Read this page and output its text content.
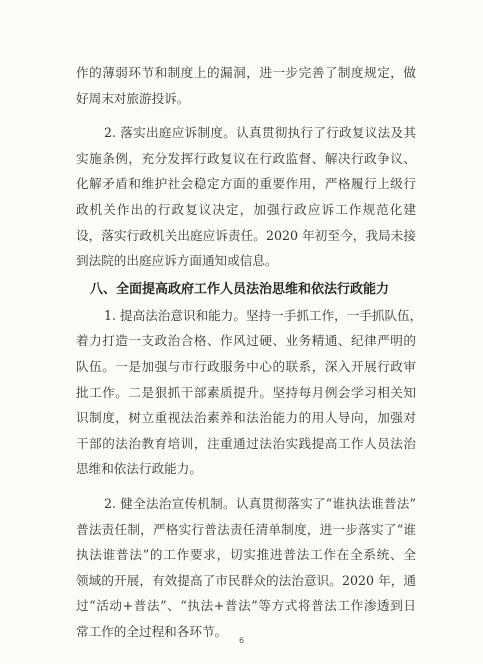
作的薄弱环节和制度上的漏洞，进一步完善了制度规定，做
好周末对旅游投诉。
2. 落实出庭应诉制度。认真贯彻执行了行政复议法及其
实施条例，充分发挥行政复议在行政监督、解决行政争议、
化解矛盾和维护社会稳定方面的重要作用，严格履行上级行
政机关作出的行政复议决定，加强行政应诉工作规范化建
设，落实行政机关出庭应诉责任。2020 年初至今，我局未接
到法院的出庭应诉方面通知或信息。
八、全面提高政府工作人员法治思维和依法行政能力
1. 提高法治意识和能力。坚持一手抓工作，一手抓队伍，
着力打造一支政治合格、作风过硬、业务精通、纪律严明的
队伍。一是加强与市行政服务中心的联系，深入开展行政审
批工作。二是狠抓干部素质提升。坚持每月例会学习相关知
识制度，树立重视法治素养和法治能力的用人导向，加强对
干部的法治教育培训，注重通过法治实践提高工作人员法治
思维和依法行政能力。
2. 健全法治宣传机制。认真贯彻落实了“谁执法谁普法”
普法责任制，严格实行普法责任清单制度，进一步落实了“谁
执法谁普法”的工作要求，切实推进普法工作在全系统、全
领域的开展，有效提高了市民群众的法治意识。2020 年，通
过“活动+普法”、“执法+普法”等方式将普法工作渗透到日
常工作的全过程和各环节。
6
